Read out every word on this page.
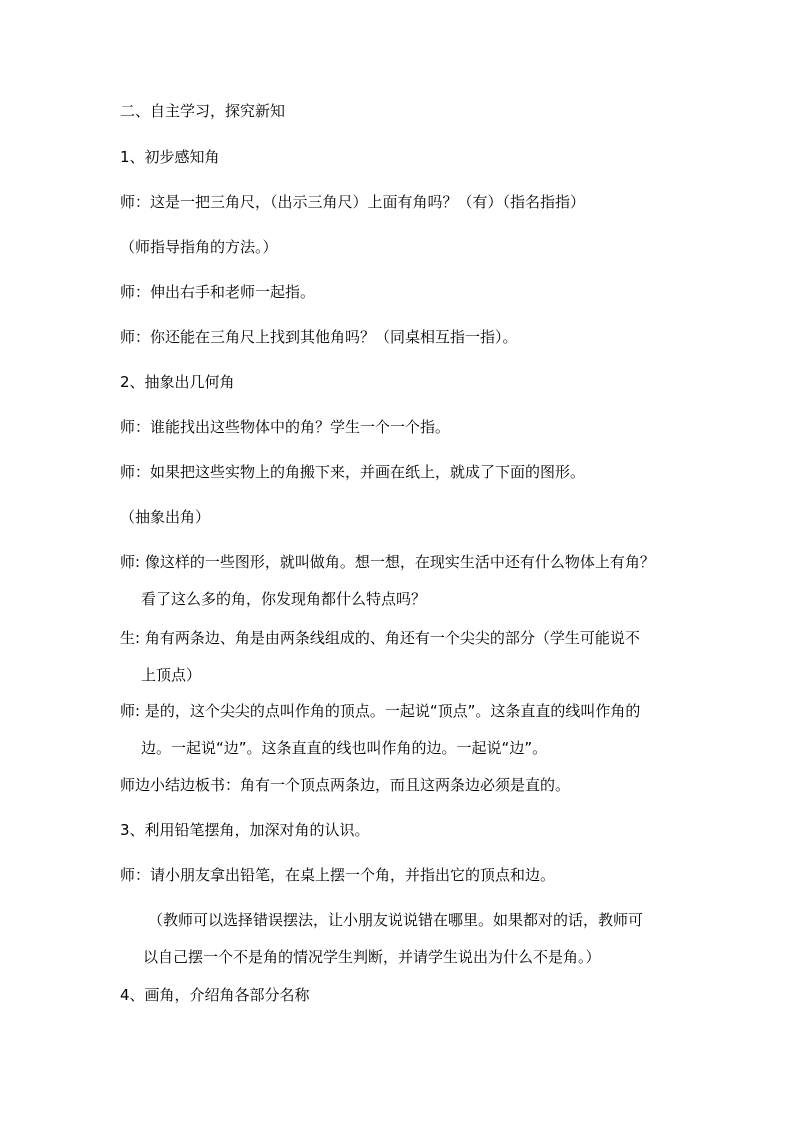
二、自主学习，探究新知
1、初步感知角
师：这是一把三角尺，（出示三角尺）上面有角吗？（有）（指名指指）
（师指导指角的方法。）
师：伸出右手和老师一起指。
师：你还能在三角尺上找到其他角吗？（同桌相互指一指）。
2、抽象出几何角
师：谁能找出这些物体中的角？学生一个一个指。
师：如果把这些实物上的角搬下来，并画在纸上，就成了下面的图形。
（抽象出角）
师: 像这样的一些图形，就叫做角。想一想，在现实生活中还有什么物体上有角？
看了这么多的角，你发现角都什么特点吗？
生: 角有两条边、角是由两条线组成的、角还有一个尖尖的部分（学生可能说不
上顶点）
师: 是的，这个尖尖的点叫作角的顶点。一起说“顶点”。这条直直的线叫作角的
边。一起说“边”。这条直直的线也叫作角的边。一起说“边”。
师边小结边板书：角有一个顶点两条边，而且这两条边必须是直的。
3、利用铅笔摆角，加深对角的认识。
师：请小朋友拿出铅笔，在桌上摆一个角，并指出它的顶点和边。
（教师可以选择错误摆法，让小朋友说说错在哪里。如果都对的话，教师可
以自己摆一个不是角的情况学生判断，并请学生说出为什么不是角。）
4、画角，介绍角各部分名称
